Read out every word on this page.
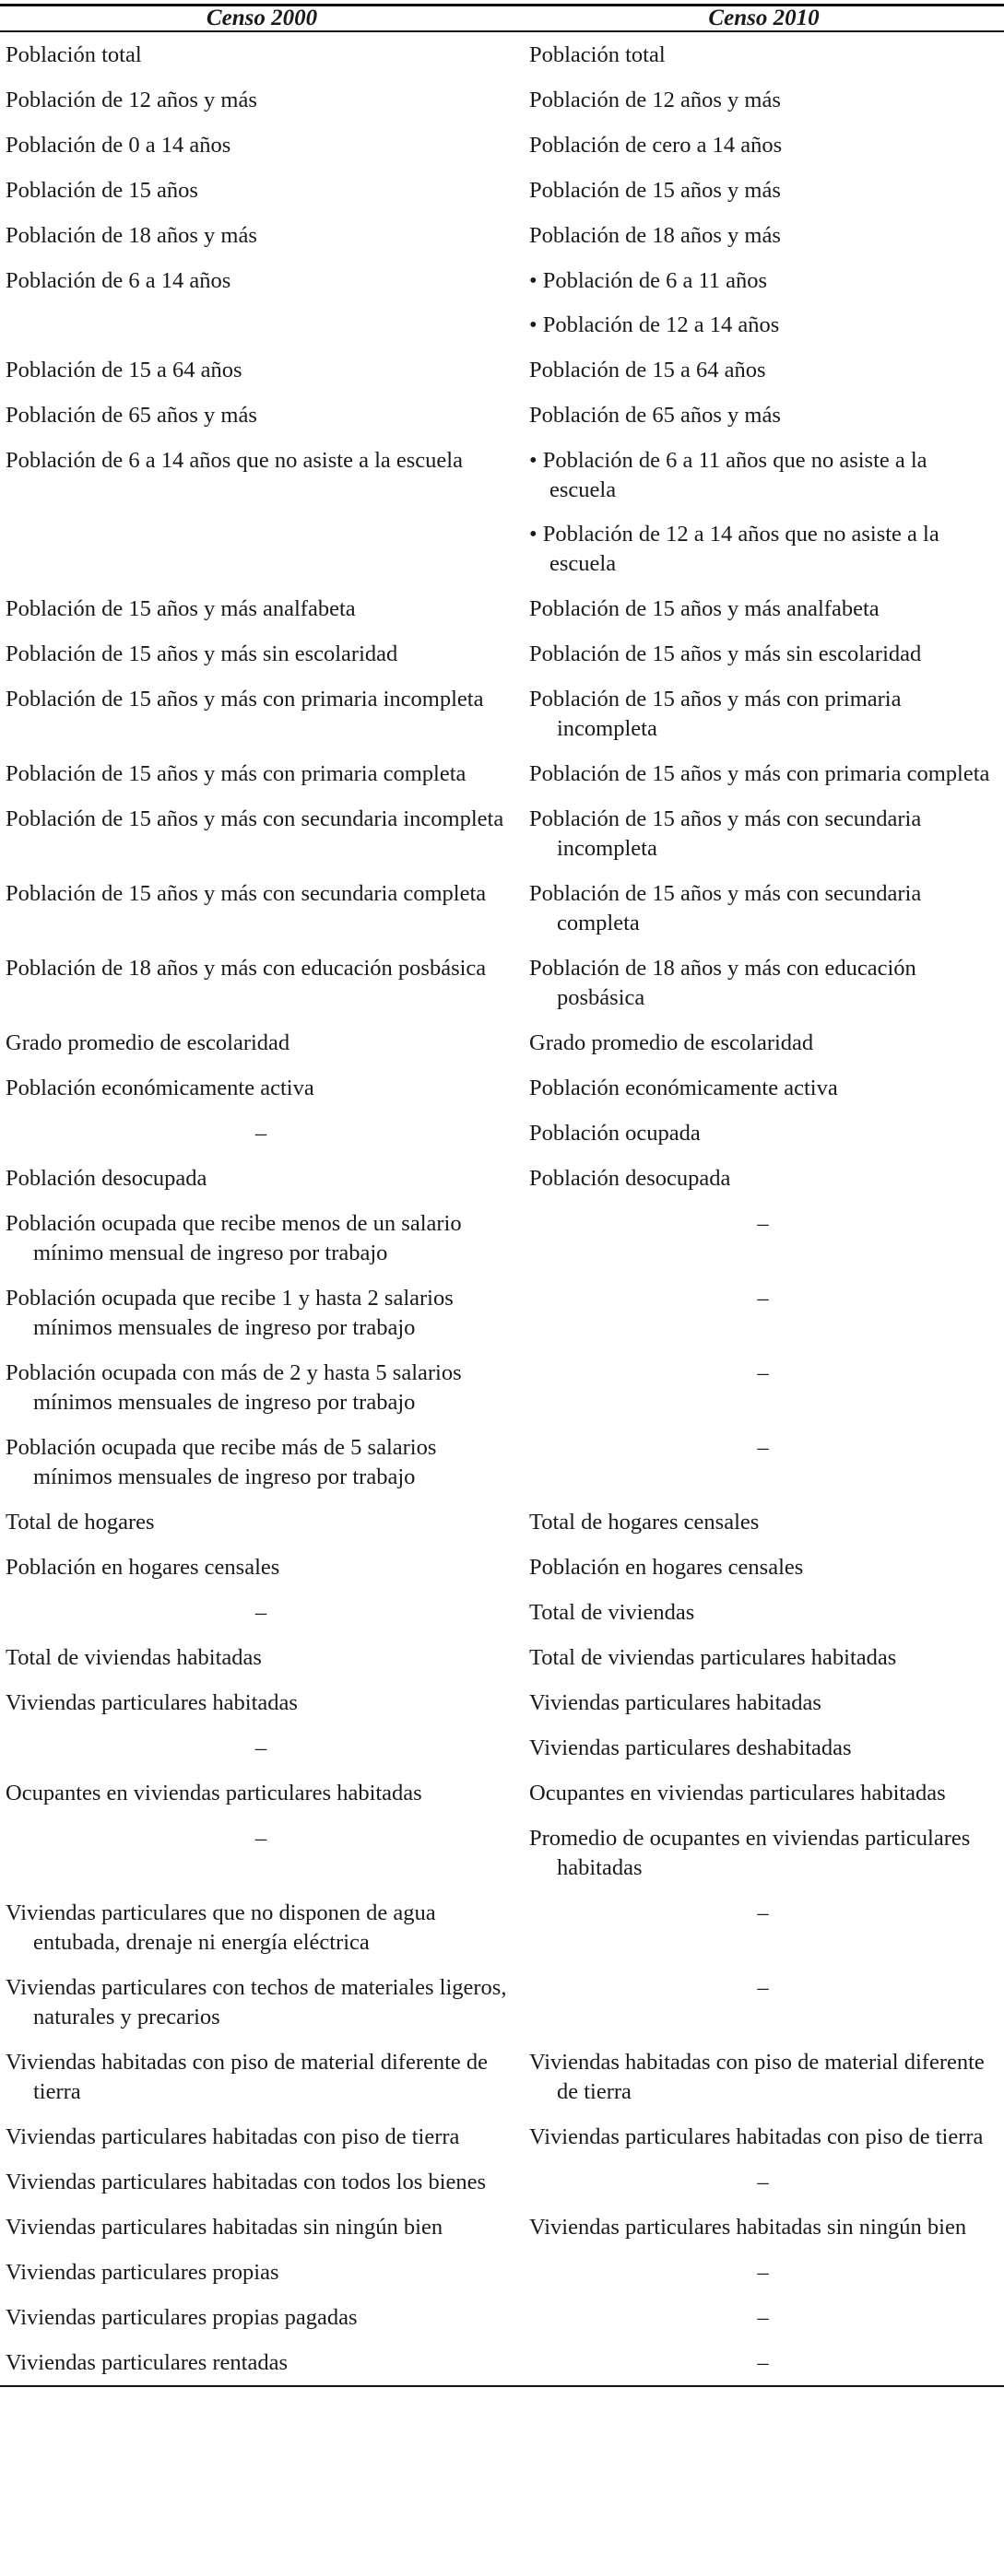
Censo 2000	Censo 2010

Población total	Población total

Población de 12 años y más	Población de 12 años y más

Población de 0 a 14 años	Población de cero a 14 años

Población de 15 años	Población de 15 años y más

Población de 18 años y más	Población de 18 años y más

Población de 6 a 14 años	• Población de 6 a 11 años
• Población de 12 a 14 años

Población de 15 a 64 años	Población de 15 a 64 años

Población de 65 años y más	Población de 65 años y más

Población de 6 a 14 años que no asiste a la escuela	• Población de 6 a 11 años que no asiste a la escuela
• Población de 12 a 14 años que no asiste a la escuela

Población de 15 años y más analfabeta	Población de 15 años y más analfabeta

Población de 15 años y más sin escolaridad	Población de 15 años y más sin escolaridad

Población de 15 años y más con primaria incompleta	Población de 15 años y más con primaria incompleta

Población de 15 años y más con primaria completa	Población de 15 años y más con primaria completa

Población de 15 años y más con secundaria incompleta	Población de 15 años y más con secundaria incompleta

Población de 15 años y más con secundaria completa	Población de 15 años y más con secundaria completa

Población de 18 años y más con educación posbásica	Población de 18 años y más con educación posbásica

Grado promedio de escolaridad	Grado promedio de escolaridad

Población económicamente activa	Población económicamente activa

–	Población ocupada

Población desocupada	Población desocupada

Población ocupada que recibe menos de un salario mínimo mensual de ingreso por trabajo	–

Población ocupada que recibe 1 y hasta 2 salarios mínimos mensuales de ingreso por trabajo	–

Población ocupada con más de 2 y hasta 5 salarios mínimos mensuales de ingreso por trabajo	–

Población ocupada que recibe más de 5 salarios mínimos mensuales de ingreso por trabajo	–

Total de hogares	Total de hogares censales

Población en hogares censales	Población en hogares censales

–	Total de viviendas

Total de viviendas habitadas	Total de viviendas particulares habitadas

Viviendas particulares habitadas	Viviendas particulares habitadas

–	Viviendas particulares deshabitadas

Ocupantes en viviendas particulares habitadas	Ocupantes en viviendas particulares habitadas

–	Promedio de ocupantes en viviendas particulares habitadas

Viviendas particulares que no disponen de agua entubada, drenaje ni energía eléctrica	–

Viviendas particulares con techos de materiales ligeros, naturales y precarios	–

Viviendas habitadas con piso de material diferente de tierra	Viviendas habitadas con piso de material diferente de tierra

Viviendas particulares habitadas con piso de tierra	Viviendas particulares habitadas con piso de tierra

Viviendas particulares habitadas con todos los bienes	–

Viviendas particulares habitadas sin ningún bien	Viviendas particulares habitadas sin ningún bien

Viviendas particulares propias	–

Viviendas particulares propias pagadas	–

Viviendas particulares rentadas	–
